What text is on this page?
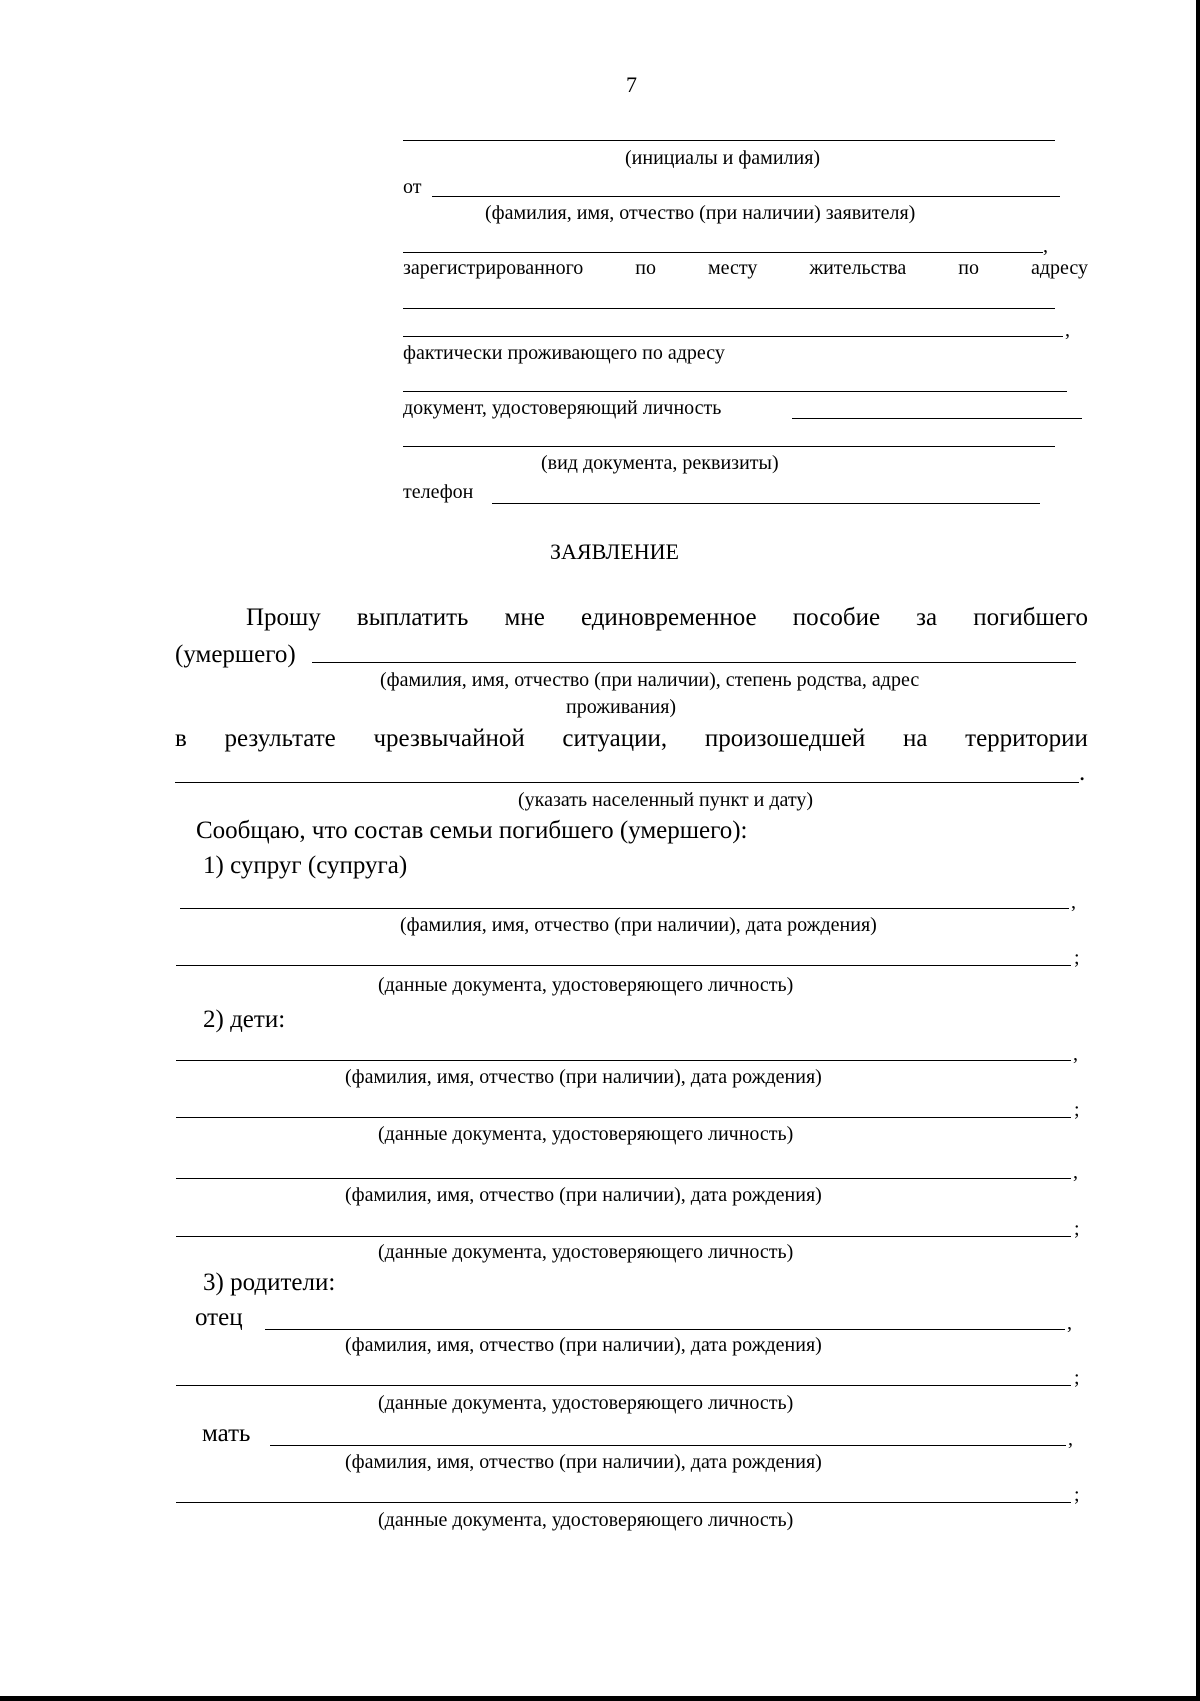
7
(инициалы и фамилия)
от
(фамилия, имя, отчество (при наличии) заявителя)
,
зарегистрированного	по	месту	жительства	по	адресу
,
фактически проживающего по адресу
документ, удостоверяющий личность
(вид документа, реквизиты)
телефон
ЗАЯВЛЕНИЕ
Прошу выплатить мне единовременное пособие за погибшего
(умершего)
(фамилия, имя, отчество (при наличии), степень родства, адрес
проживания)
в результате чрезвычайной ситуации, произошедшей на территории
.
(указать населенный пункт и дату)
Сообщаю, что состав семьи погибшего (умершего):
1) супруг (супруга)
,
(фамилия, имя, отчество (при наличии), дата рождения)
;
(данные документа, удостоверяющего личность)
2) дети:
,
(фамилия, имя, отчество (при наличии), дата рождения)
;
(данные документа, удостоверяющего личность)
,
(фамилия, имя, отчество (при наличии), дата рождения)
;
(данные документа, удостоверяющего личность)
3) родители:
отец	,
(фамилия, имя, отчество (при наличии), дата рождения)
;
(данные документа, удостоверяющего личность)
мать	,
(фамилия, имя, отчество (при наличии), дата рождения)
;
(данные документа, удостоверяющего личность)
